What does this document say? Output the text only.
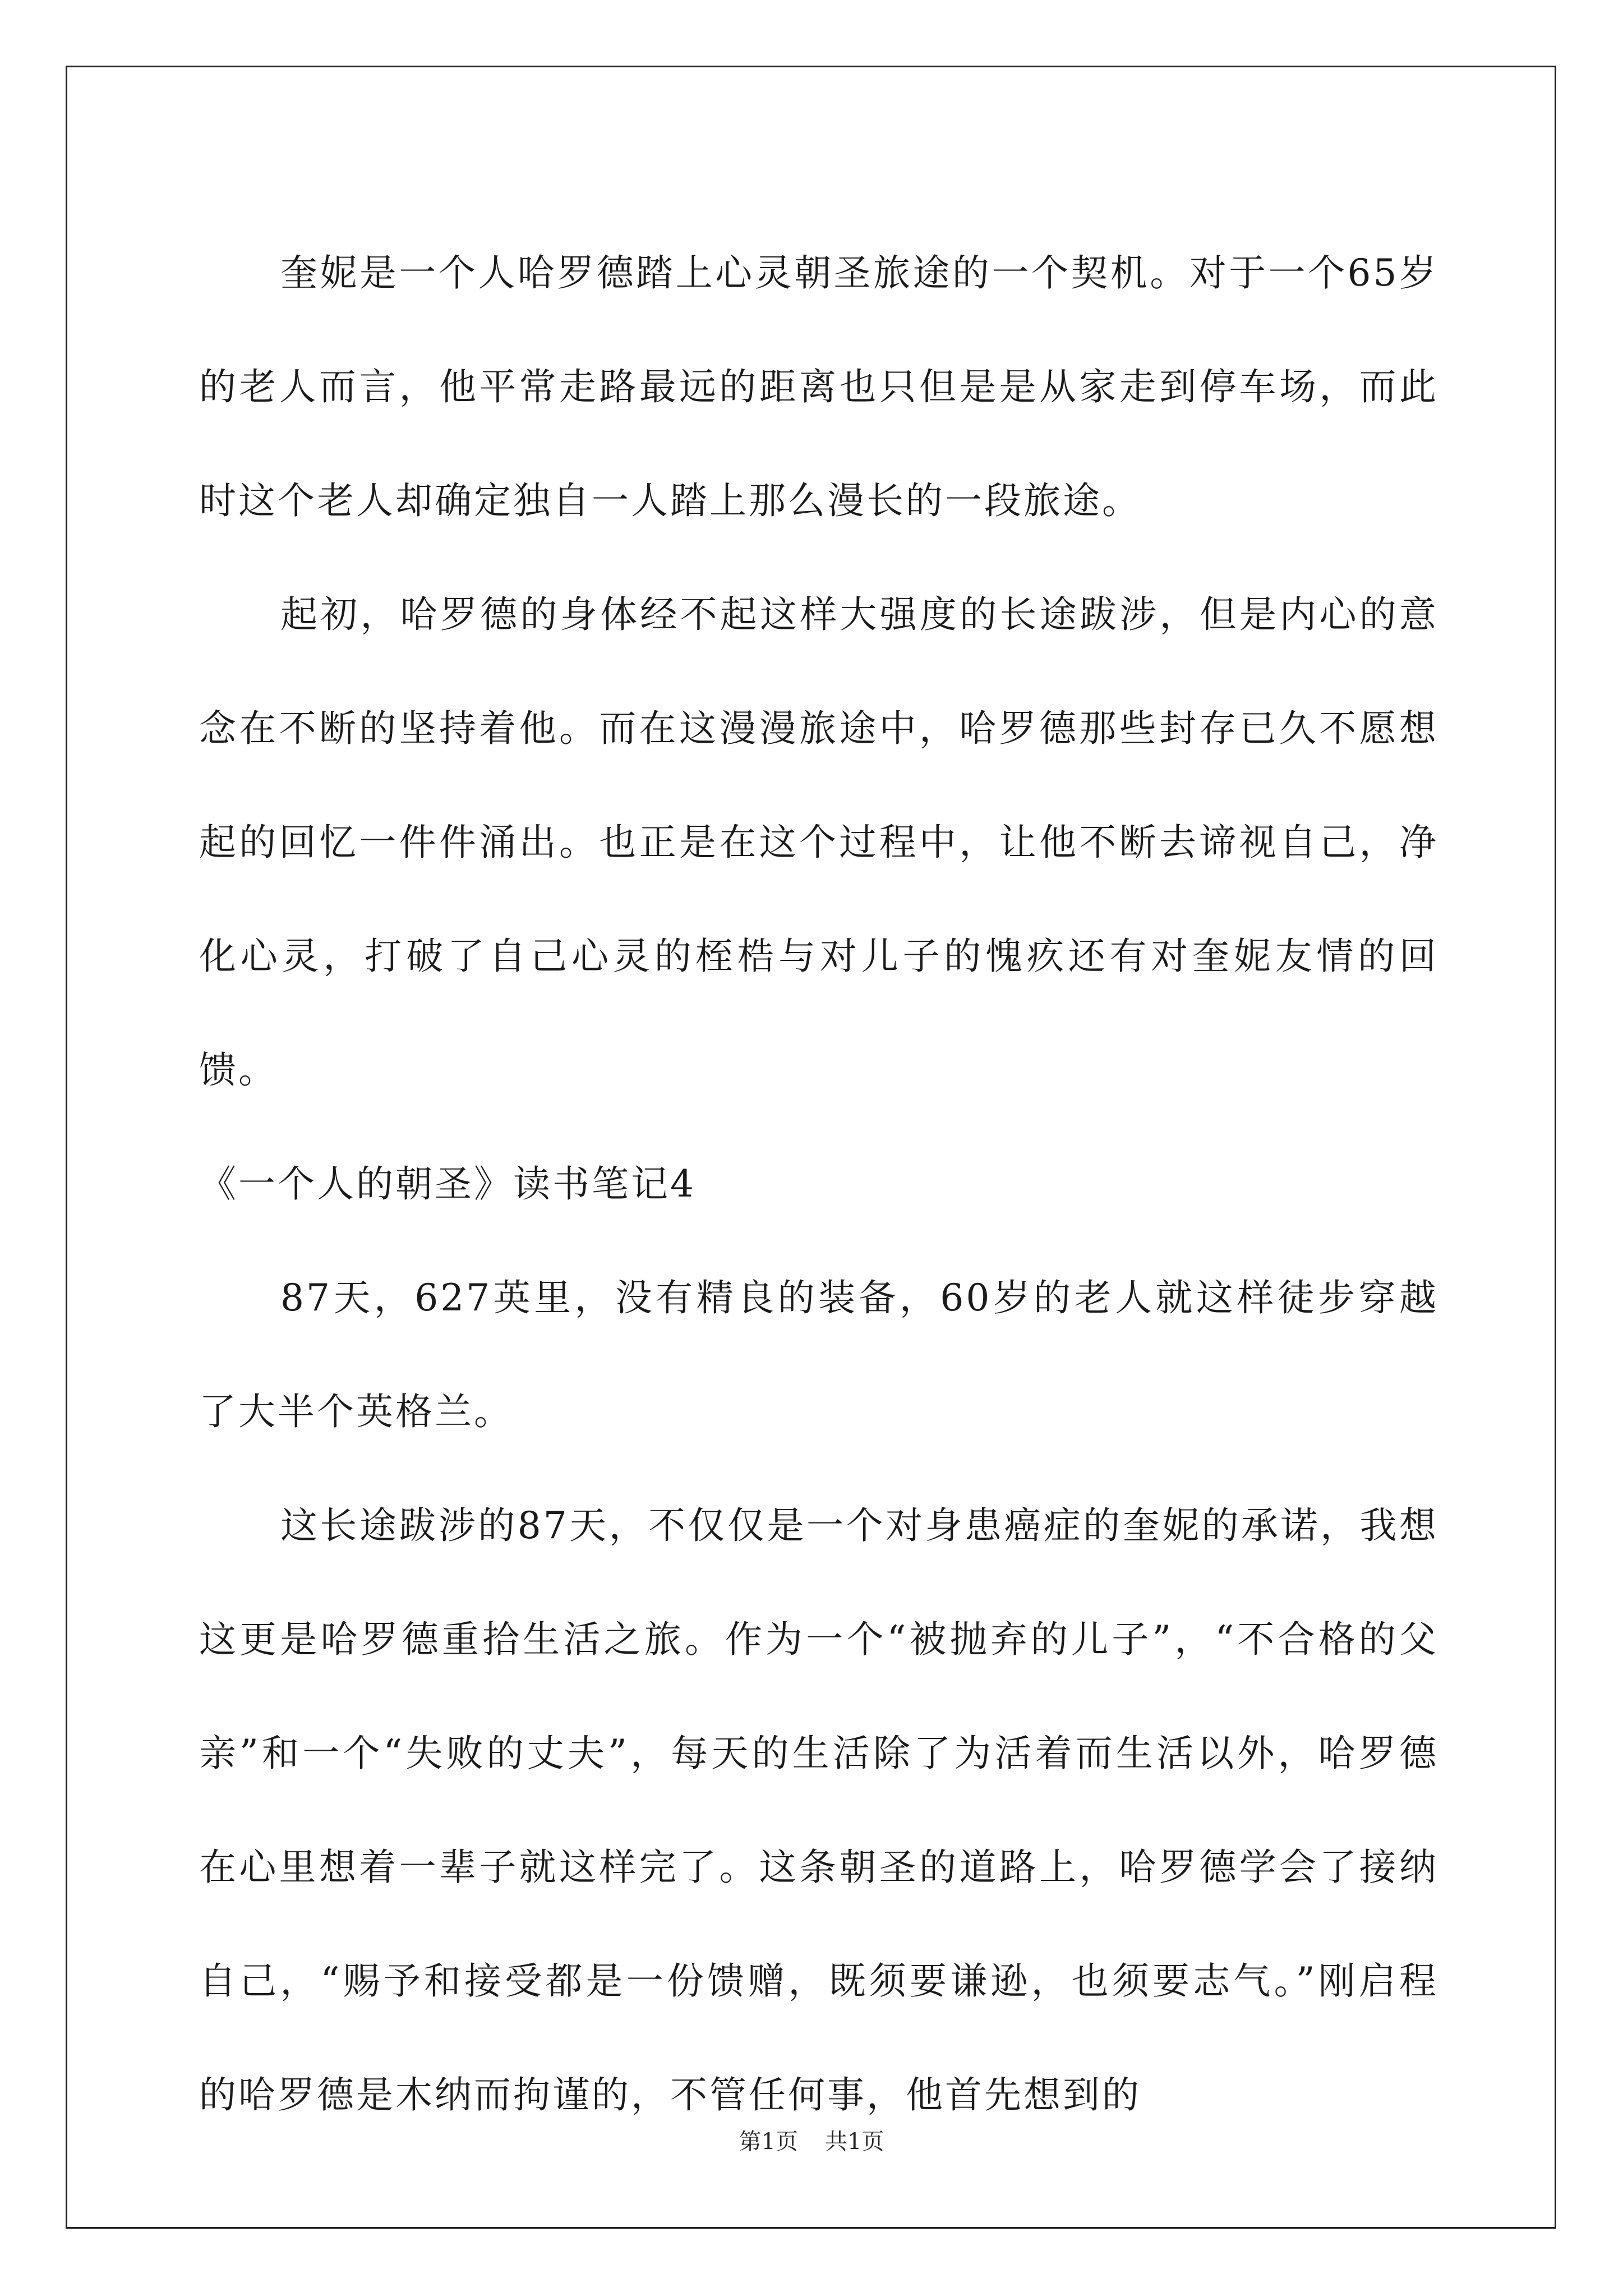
奎妮是一个人哈罗德踏上心灵朝圣旅途的一个契机。对于一个65岁的老人而言，他平常走路最远的距离也只但是是从家走到停车场，而此时这个老人却确定独自一人踏上那么漫长的一段旅途。

起初，哈罗德的身体经不起这样大强度的长途跋涉，但是内心的意念在不断的坚持着他。而在这漫漫旅途中，哈罗德那些封存已久不愿想起的回忆一件件涌出。也正是在这个过程中，让他不断去谛视自己，净化心灵，打破了自己心灵的桎梏与对儿子的愧疚还有对奎妮友情的回馈。

《一个人的朝圣》读书笔记4

87天，627英里，没有精良的装备，60岁的老人就这样徒步穿越了大半个英格兰。

这长途跋涉的87天，不仅仅是一个对身患癌症的奎妮的承诺，我想这更是哈罗德重拾生活之旅。作为一个“被抛弃的儿子”，“不合格的父亲”和一个“失败的丈夫”，每天的生活除了为活着而生活以外，哈罗德在心里想着一辈子就这样完了。这条朝圣的道路上，哈罗德学会了接纳自己，“赐予和接受都是一份馈赠，既须要谦逊，也须要志气。”刚启程的哈罗德是木纳而拘谨的，不管任何事，他首先想到的

第1页 共1页
